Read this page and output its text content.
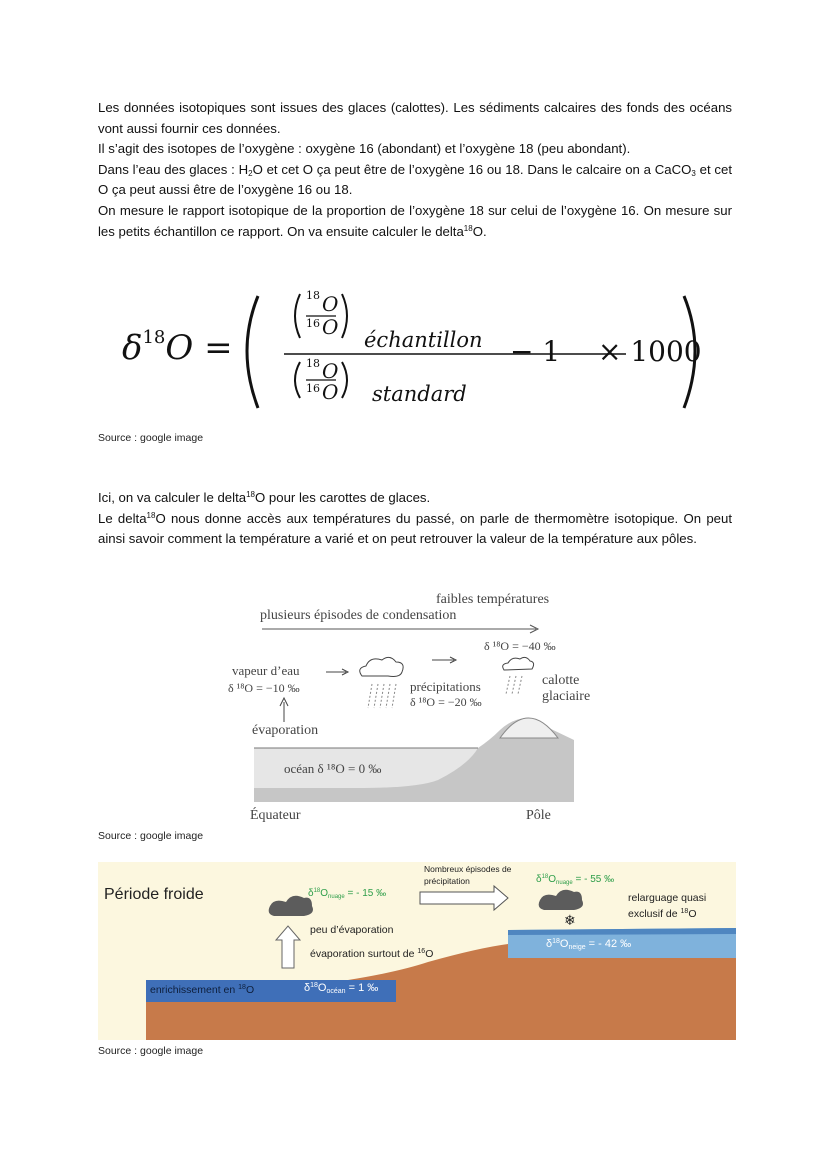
Les données isotopiques sont issues des glaces (calottes). Les sédiments calcaires des fonds des océans vont aussi fournir ces données.

Il s’agit des isotopes de l’oxygène : oxygène 16 (abondant) et l’oxygène 18 (peu abondant).

Dans l’eau des glaces : $H_2O$ et cet O ça peut être de l’oxygène 16 ou 18. Dans le calcaire on a CaCO$_3$ et cet O ça peut aussi être de l’oxygène 16 ou 18.

On mesure le rapport isotopique de la proportion de l’oxygène 18 sur celui de l’oxygène 16. On mesure sur les petits échantillon ce rapport. On va ensuite calculer le delta$^{18}$O.

$\delta^{18}O$ =
18 O
16 O
échantillon
18 O
16 O standard
− 1 × 1000
Source : google image

Ici, on va calculer le delta$^{18}$O pour les carottes de glaces.

Le delta$^{18}$O nous donne accès aux températures du passé, on parle de thermomètre isotopique. On peut ainsi savoir comment la température a varié et on peut retrouver la valeur de la température aux pôles.

faibles températures
plusieurs épisodes de condensation
δ ¹⁸O = −40 ‰
vapeur d’eau
δ ¹⁸O = −10 ‰	précipitations
δ ¹⁸O = −20 ‰
calotte
glaciaire
évaporation
océan δ ¹⁸O = 0 ‰
Équateur	Pôle
Source : google image
❄
Période froide
Nombreux épisodes de
précipitation
$\delta^{18}O_{nuage}$ = - 15 ‰
$\delta^{18}O_{nuage}$ = - 55 ‰
peu d’évaporation
évaporation surtout de $^{16}$O
relarguage quasi
exclusif de $^{18}$O
$\delta^{18}O_{neige}$ = - 42 ‰
enrichissement en $^{18}$O	$\delta^{18}O_{océan} = 1$ ‰
Source : google image
